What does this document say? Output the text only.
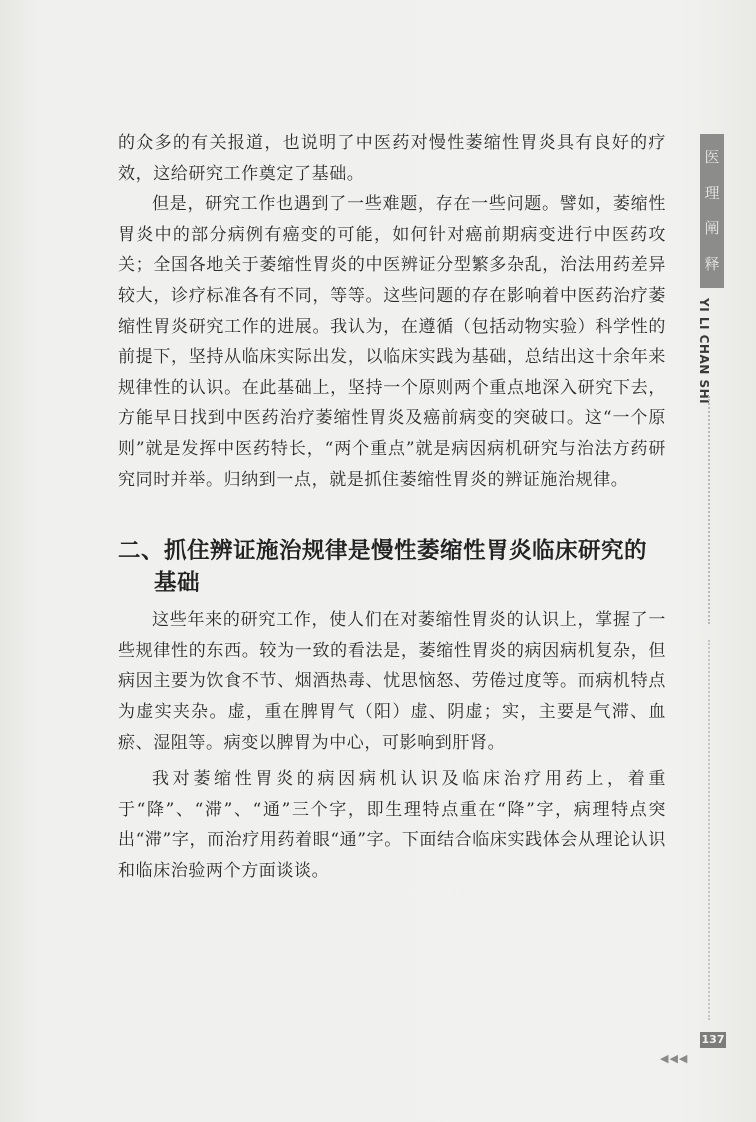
的众多的有关报道，也说明了中医药对慢性萎缩性胃炎具有良好的疗效，这给研究工作奠定了基础。

但是，研究工作也遇到了一些难题，存在一些问题。譬如，萎缩性胃炎中的部分病例有癌变的可能，如何针对癌前期病变进行中医药攻关；全国各地关于萎缩性胃炎的中医辨证分型繁多杂乱，治法用药差异较大，诊疗标准各有不同，等等。这些问题的存在影响着中医药治疗萎缩性胃炎研究工作的进展。我认为，在遵循（包括动物实验）科学性的前提下，坚持从临床实际出发，以临床实践为基础，总结出这十余年来规律性的认识。在此基础上，坚持一个原则两个重点地深入研究下去，方能早日找到中医药治疗萎缩性胃炎及癌前病变的突破口。这“一个原则”就是发挥中医药特长，“两个重点”就是病因病机研究与治法方药研究同时并举。归纳到一点，就是抓住萎缩性胃炎的辨证施治规律。

二、抓住辨证施治规律是慢性萎缩性胃炎临床研究的基础

这些年来的研究工作，使人们在对萎缩性胃炎的认识上，掌握了一些规律性的东西。较为一致的看法是，萎缩性胃炎的病因病机复杂，但病因主要为饮食不节、烟酒热毒、忧思恼怒、劳倦过度等。而病机特点为虚实夹杂。虚，重在脾胃气（阳）虚、阴虚；实，主要是气滞、血瘀、湿阻等。病变以脾胃为中心，可影响到肝肾。

我对萎缩性胃炎的病因病机认识及临床治疗用药上，着重于“降”、“滞”、“通”三个字，即生理特点重在“降”字，病理特点突出“滞”字，而治疗用药着眼“通”字。下面结合临床实践体会从理论认识和临床治验两个方面谈谈。

医
理
阐
释
YI LI CHAN SHI
137
◀◀◀
